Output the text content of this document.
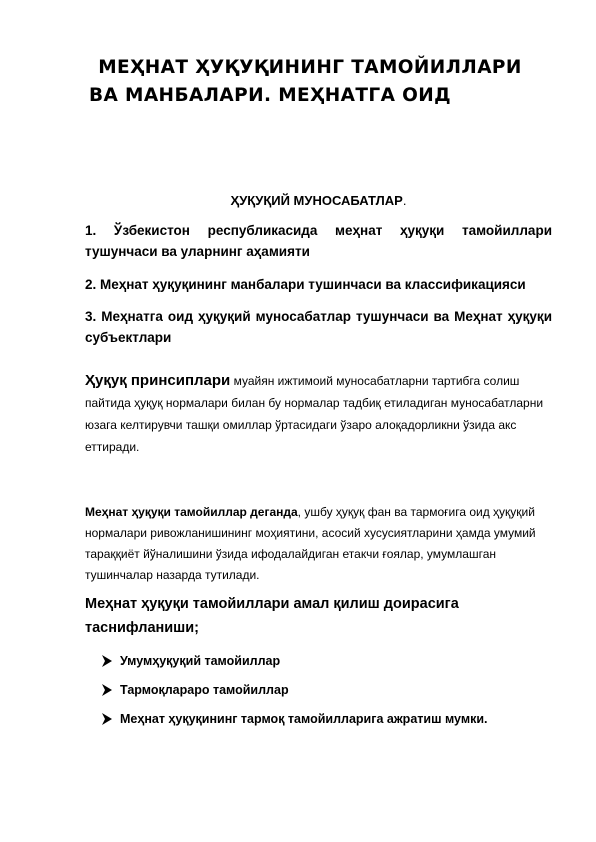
МЕҲНАТ ҲУҚУҚИНИНГ ТАМОЙИЛЛАРИ

ВА МАНБАЛАРИ. МЕҲНАТГА ОИД

ҲУҚУҚИЙ МУНОСАБАТЛАР.

1. Ўзбекистон республикасида меҳнат ҳуқуқи тамойиллари тушунчаси ва уларнинг аҳамияти

2. Меҳнат ҳуқуқининг манбалари тушинчаси ва классификацияси

3. Меҳнатга оид ҳуқуқий муносабатлар тушунчаси ва Меҳнат ҳуқуқи субъектлари

Ҳуқуқ принсиплари муайян ижтимоий муносабатларни тартибга солиш пайтида ҳуқуқ нормалари билан бу нормалар тадбиқ етиладиган муносабатларни юзага келтирувчи ташқи омиллар ўртасидаги ўзаро алоқадорликни ўзида акс еттиради.

Меҳнат ҳуқуқи тамойиллар деганда, ушбу ҳуқуқ фан ва тармоғига оид ҳуқуқий нормалари ривожланишининг моҳиятини, асосий хусусиятларини ҳамда умумий тараққиёт йўналишини ўзида ифодалайдиган етакчи ғоялар, умумлашган тушинчалар назарда тутилади.

Меҳнат ҳуқуқи тамойиллари амал қилиш доирасига таснифланиши;

Умумҳуқуқий тамойиллар
Тармоқлараро тамойиллар
Меҳнат ҳуқуқининг тармоқ тамойилларига ажратиш мумки.
